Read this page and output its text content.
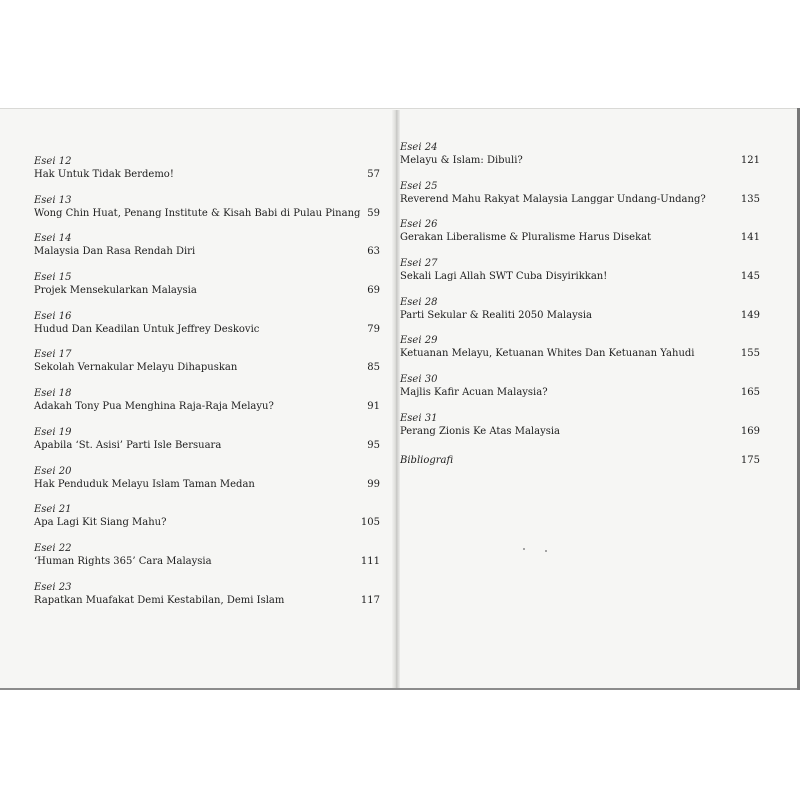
Esei 12
Hak Untuk Tidak Berdemo!	57
Esei 13
Wong Chin Huat, Penang Institute & Kisah Babi di Pulau Pinang 59
Esei 14
Malaysia Dan Rasa Rendah Diri	63
Esei 15
Projek Mensekularkan Malaysia	69
Esei 16
Hudud Dan Keadilan Untuk Jeffrey Deskovic	79
Esei 17
Sekolah Vernakular Melayu Dihapuskan	85
Esei 18
Adakah Tony Pua Menghina Raja-Raja Melayu?	91
Esei 19
Apabila ‘St. Asisi’ Parti Isle Bersuara	95
Esei 20
Hak Penduduk Melayu Islam Taman Medan	99
Esei 21
Apa Lagi Kit Siang Mahu?	105
Esei 22
‘Human Rights 365’ Cara Malaysia	111
Esei 23
Rapatkan Muafakat Demi Kestabilan, Demi Islam	117
Esei 24
Melayu & Islam: Dibuli?	121
Esei 25
Reverend Mahu Rakyat Malaysia Langgar Undang-Undang?	135
Esei 26
Gerakan Liberalisme & Pluralisme Harus Disekat	141
Esei 27
Sekali Lagi Allah SWT Cuba Disyirikkan!	145
Esei 28
Parti Sekular & Realiti 2050 Malaysia	149
Esei 29
Ketuanan Melayu, Ketuanan Whites Dan Ketuanan Yahudi	155
Esei 30
Majlis Kafir Acuan Malaysia?	165
Esei 31
Perang Zionis Ke Atas Malaysia	169
Bibliografi	175
